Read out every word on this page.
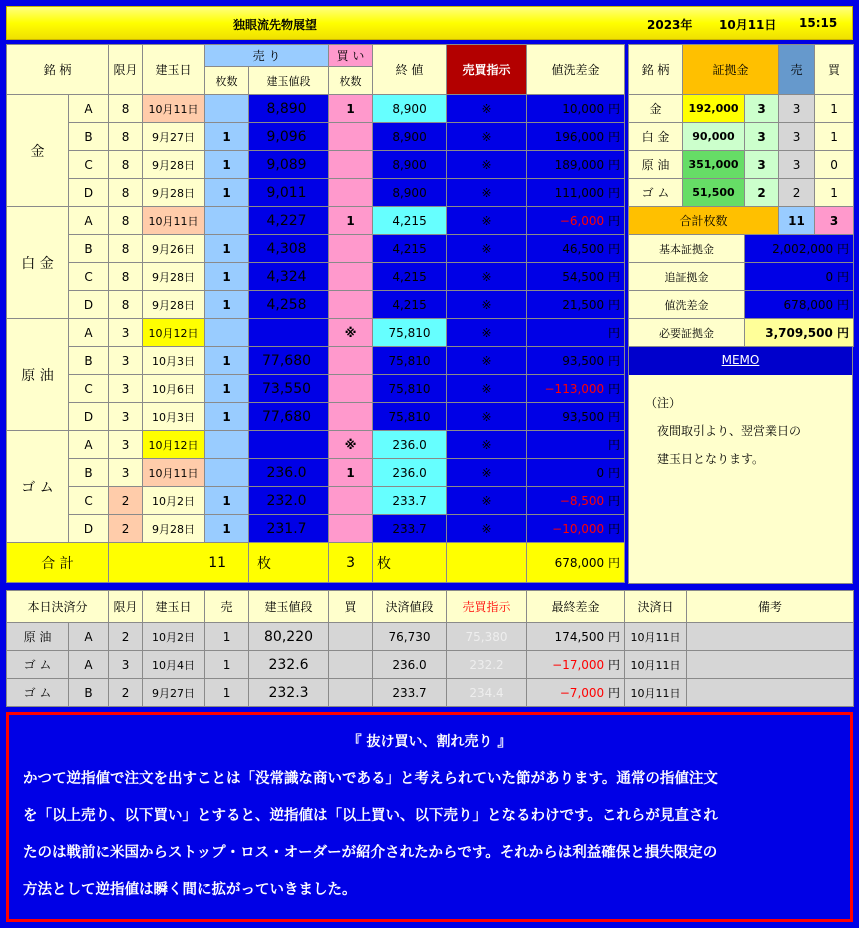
独眼流先物展望	2023年 10月11日 15:15
銘 柄		限月	建玉日	売 り		買 い	終 値	売買指示	値洗差金
				枚数	建玉値段	枚数			
金	A	8	10月11日		8,890	1	8,900	※	10,000 円
	B	8	9月27日	1	9,096		8,900	※	196,000 円
	C	8	9月28日	1	9,089		8,900	※	189,000 円
	D	8	9月28日	1	9,011		8,900	※	111,000 円
白 金	A	8	10月11日		4,227	1	4,215	※	−6,000 円
	B	8	9月26日	1	4,308		4,215	※	46,500 円
	C	8	9月28日	1	4,324		4,215	※	54,500 円
	D	8	9月28日	1	4,258		4,215	※	21,500 円
原 油	A	3	10月12日			※	75,810	※	円
	B	3	10月3日	1	77,680		75,810	※	93,500 円
	C	3	10月6日	1	73,550		75,810	※	−113,000 円
	D	3	10月3日	1	77,680		75,810	※	93,500 円
ゴ ム	A	3	10月12日			※	236.0	※	円
	B	3	10月11日		236.0	1	236.0	※	0 円
	C	2	10月2日	1	232.0		233.7	※	−8,500 円
	D	2	9月28日	1	231.7		233.7	※	−10,000 円
合 計		11			枚	3	枚		678,000 円
銘 柄	証拠金		売	買
金	192,000	3	3	1
白 金	90,000	3	3	1
原 油	351,000	3	3	0
ゴ ム	51,500	2	2	1
合計枚数			11	3
基本証拠金		2,002,000 円		
追証拠金		0 円		
値洗差金		678,000 円		
必要証拠金		3,709,500 円		
MEMO
（注）
　夜間取引より、翌営業日の
　建玉日となります。
本日決済分		限月	建玉日	売	建玉値段	買	決済値段	売買指示	最終差金	決済日	備考
原 油	A	2	10月2日	1	80,220		76,730	75,380	174,500 円	10月11日	
ゴ ム	A	3	10月4日	1	232.6		236.0	232.2	−17,000 円	10月11日	
ゴ ム	B	2	9月27日	1	232.3		233.7	234.4	−7,000 円	10月11日	
『 抜け買い、割れ売り 』

かつて逆指値で注文を出すことは「没常識な商いである」と考えられていた節があります。通常の指値注文

を「以上売り、以下買い」とすると、逆指値は「以上買い、以下売り」となるわけです。これらが見直され

たのは戦前に米国からストップ・ロス・オーダーが紹介されたからです。それからは利益確保と損失限定の

方法として逆指値は瞬く間に拡がっていきました。
